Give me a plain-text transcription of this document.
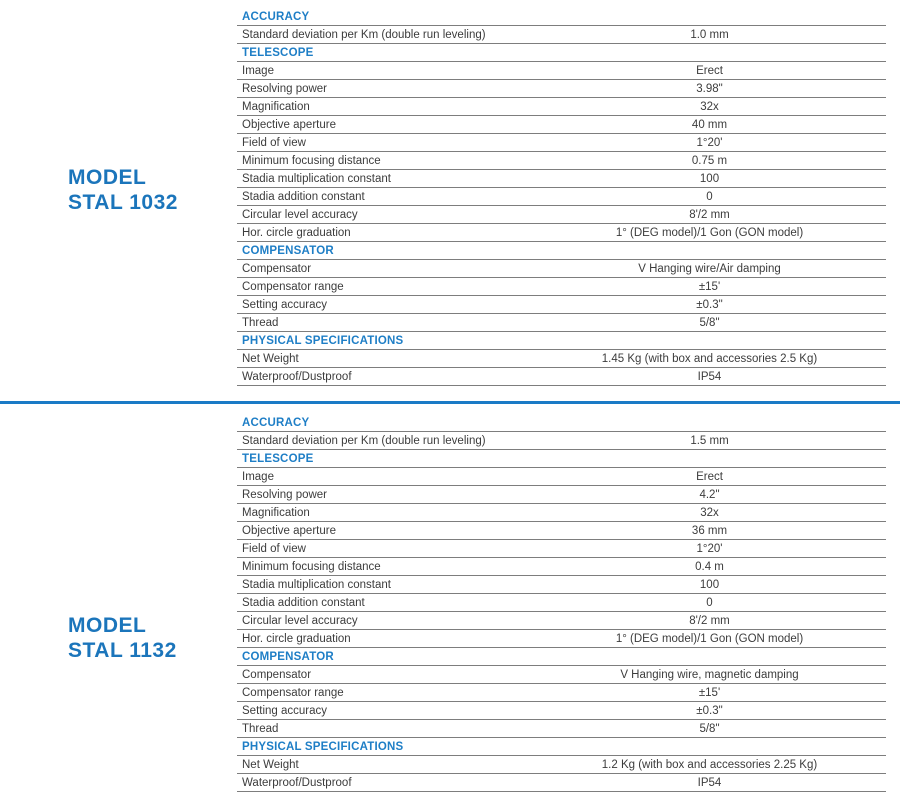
MODEL
STAL 1032
ACCURACY
Standard deviation per Km (double run leveling)	1.0 mm
TELESCOPE
Image	Erect
Resolving power	3.98"
Magnification	32x
Objective aperture	40 mm
Field of view	1°20'
Minimum focusing distance	0.75 m
Stadia multiplication constant	100
Stadia addition constant	0
Circular level accuracy	8'/2 mm
Hor. circle graduation	1° (DEG model)/1 Gon (GON model)
COMPENSATOR
Compensator	V Hanging wire/Air damping
Compensator range	±15'
Setting accuracy	±0.3"
Thread	5/8"
PHYSICAL SPECIFICATIONS
Net Weight	1.45 Kg (with box and accessories 2.5 Kg)
Waterproof/Dustproof	IP54
MODEL
STAL 1132
ACCURACY
Standard deviation per Km (double run leveling)	1.5 mm
TELESCOPE
Image	Erect
Resolving power	4.2"
Magnification	32x
Objective aperture	36 mm
Field of view	1°20'
Minimum focusing distance	0.4 m
Stadia multiplication constant	100
Stadia addition constant	0
Circular level accuracy	8'/2 mm
Hor. circle graduation	1° (DEG model)/1 Gon (GON model)
COMPENSATOR
Compensator	V Hanging wire, magnetic damping
Compensator range	±15'
Setting accuracy	±0.3"
Thread	5/8"
PHYSICAL SPECIFICATIONS
Net Weight	1.2 Kg (with box and accessories 2.25 Kg)
Waterproof/Dustproof	IP54
